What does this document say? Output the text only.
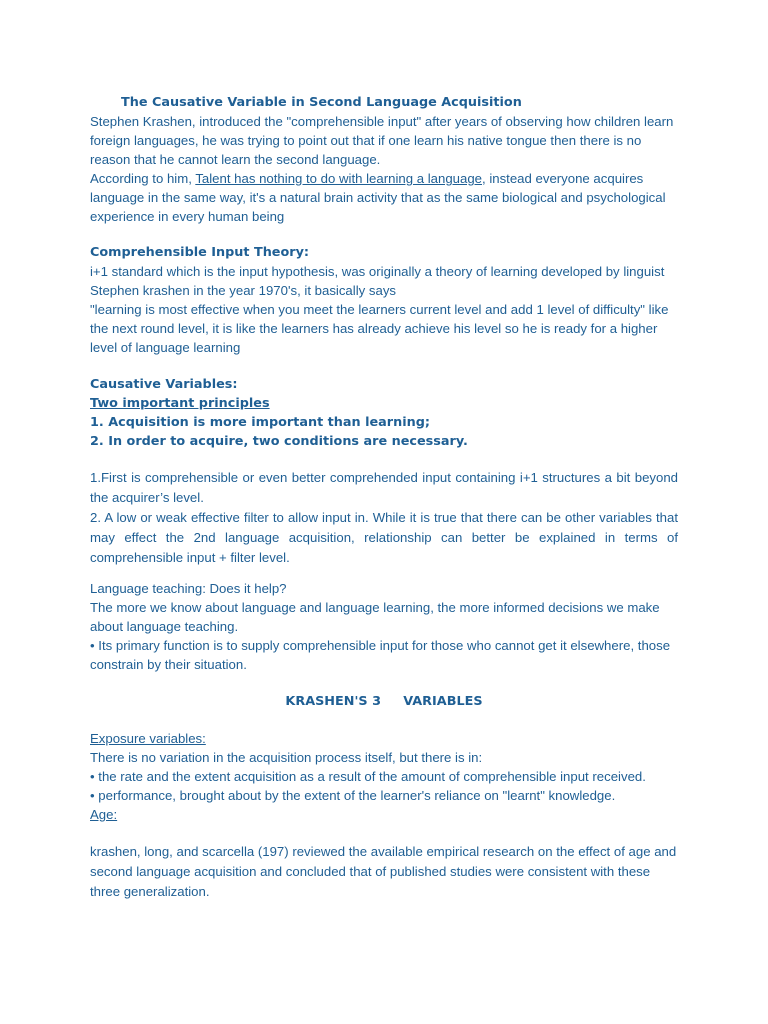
The Causative Variable in Second Language Acquisition

Stephen Krashen, introduced the "comprehensible input" after years of observing how children learn foreign languages, he was trying to point out that if one learn his native tongue then there is no reason that he cannot learn the second language.

According to him, Talent has nothing to do with learning a language, instead everyone acquires language in the same way, it's a natural brain activity that as the same biological and psychological experience in every human being

Comprehensible Input Theory:

i+1 standard which is the input hypothesis, was originally a theory of learning developed by linguist Stephen krashen in the year 1970's, it basically says

"learning is most effective when you meet the learners current level and add 1 level of difficulty" like the next round level, it is like the learners has already achieve his level so he is ready for a higher level of language learning

Causative Variables:

Two important principles

1. Acquisition is more important than learning;

2. In order to acquire, two conditions are necessary.

1.First is comprehensible or even better comprehended input containing i+1 structures a bit beyond the acquirer’s level.

2. A low or weak effective filter to allow input in. While it is true that there can be other variables that may effect the 2nd language acquisition, relationship can better be explained in terms of comprehensible input + filter level.

Language teaching: Does it help?

The more we know about language and language learning, the more informed decisions we make about language teaching.

• Its primary function is to supply comprehensible input for those who cannot get it elsewhere, those constrain by their situation.

KRASHEN'S 3     VARIABLES

Exposure variables:

There is no variation in the acquisition process itself, but there is in:

• the rate and the extent acquisition as a result of the amount of comprehensible input received.

• performance, brought about by the extent of the learner's reliance on "learnt" knowledge.

Age:

krashen, long, and scarcella (197) reviewed the available empirical research on the effect of age and second language acquisition and concluded that of published studies were consistent with these three generalization.
